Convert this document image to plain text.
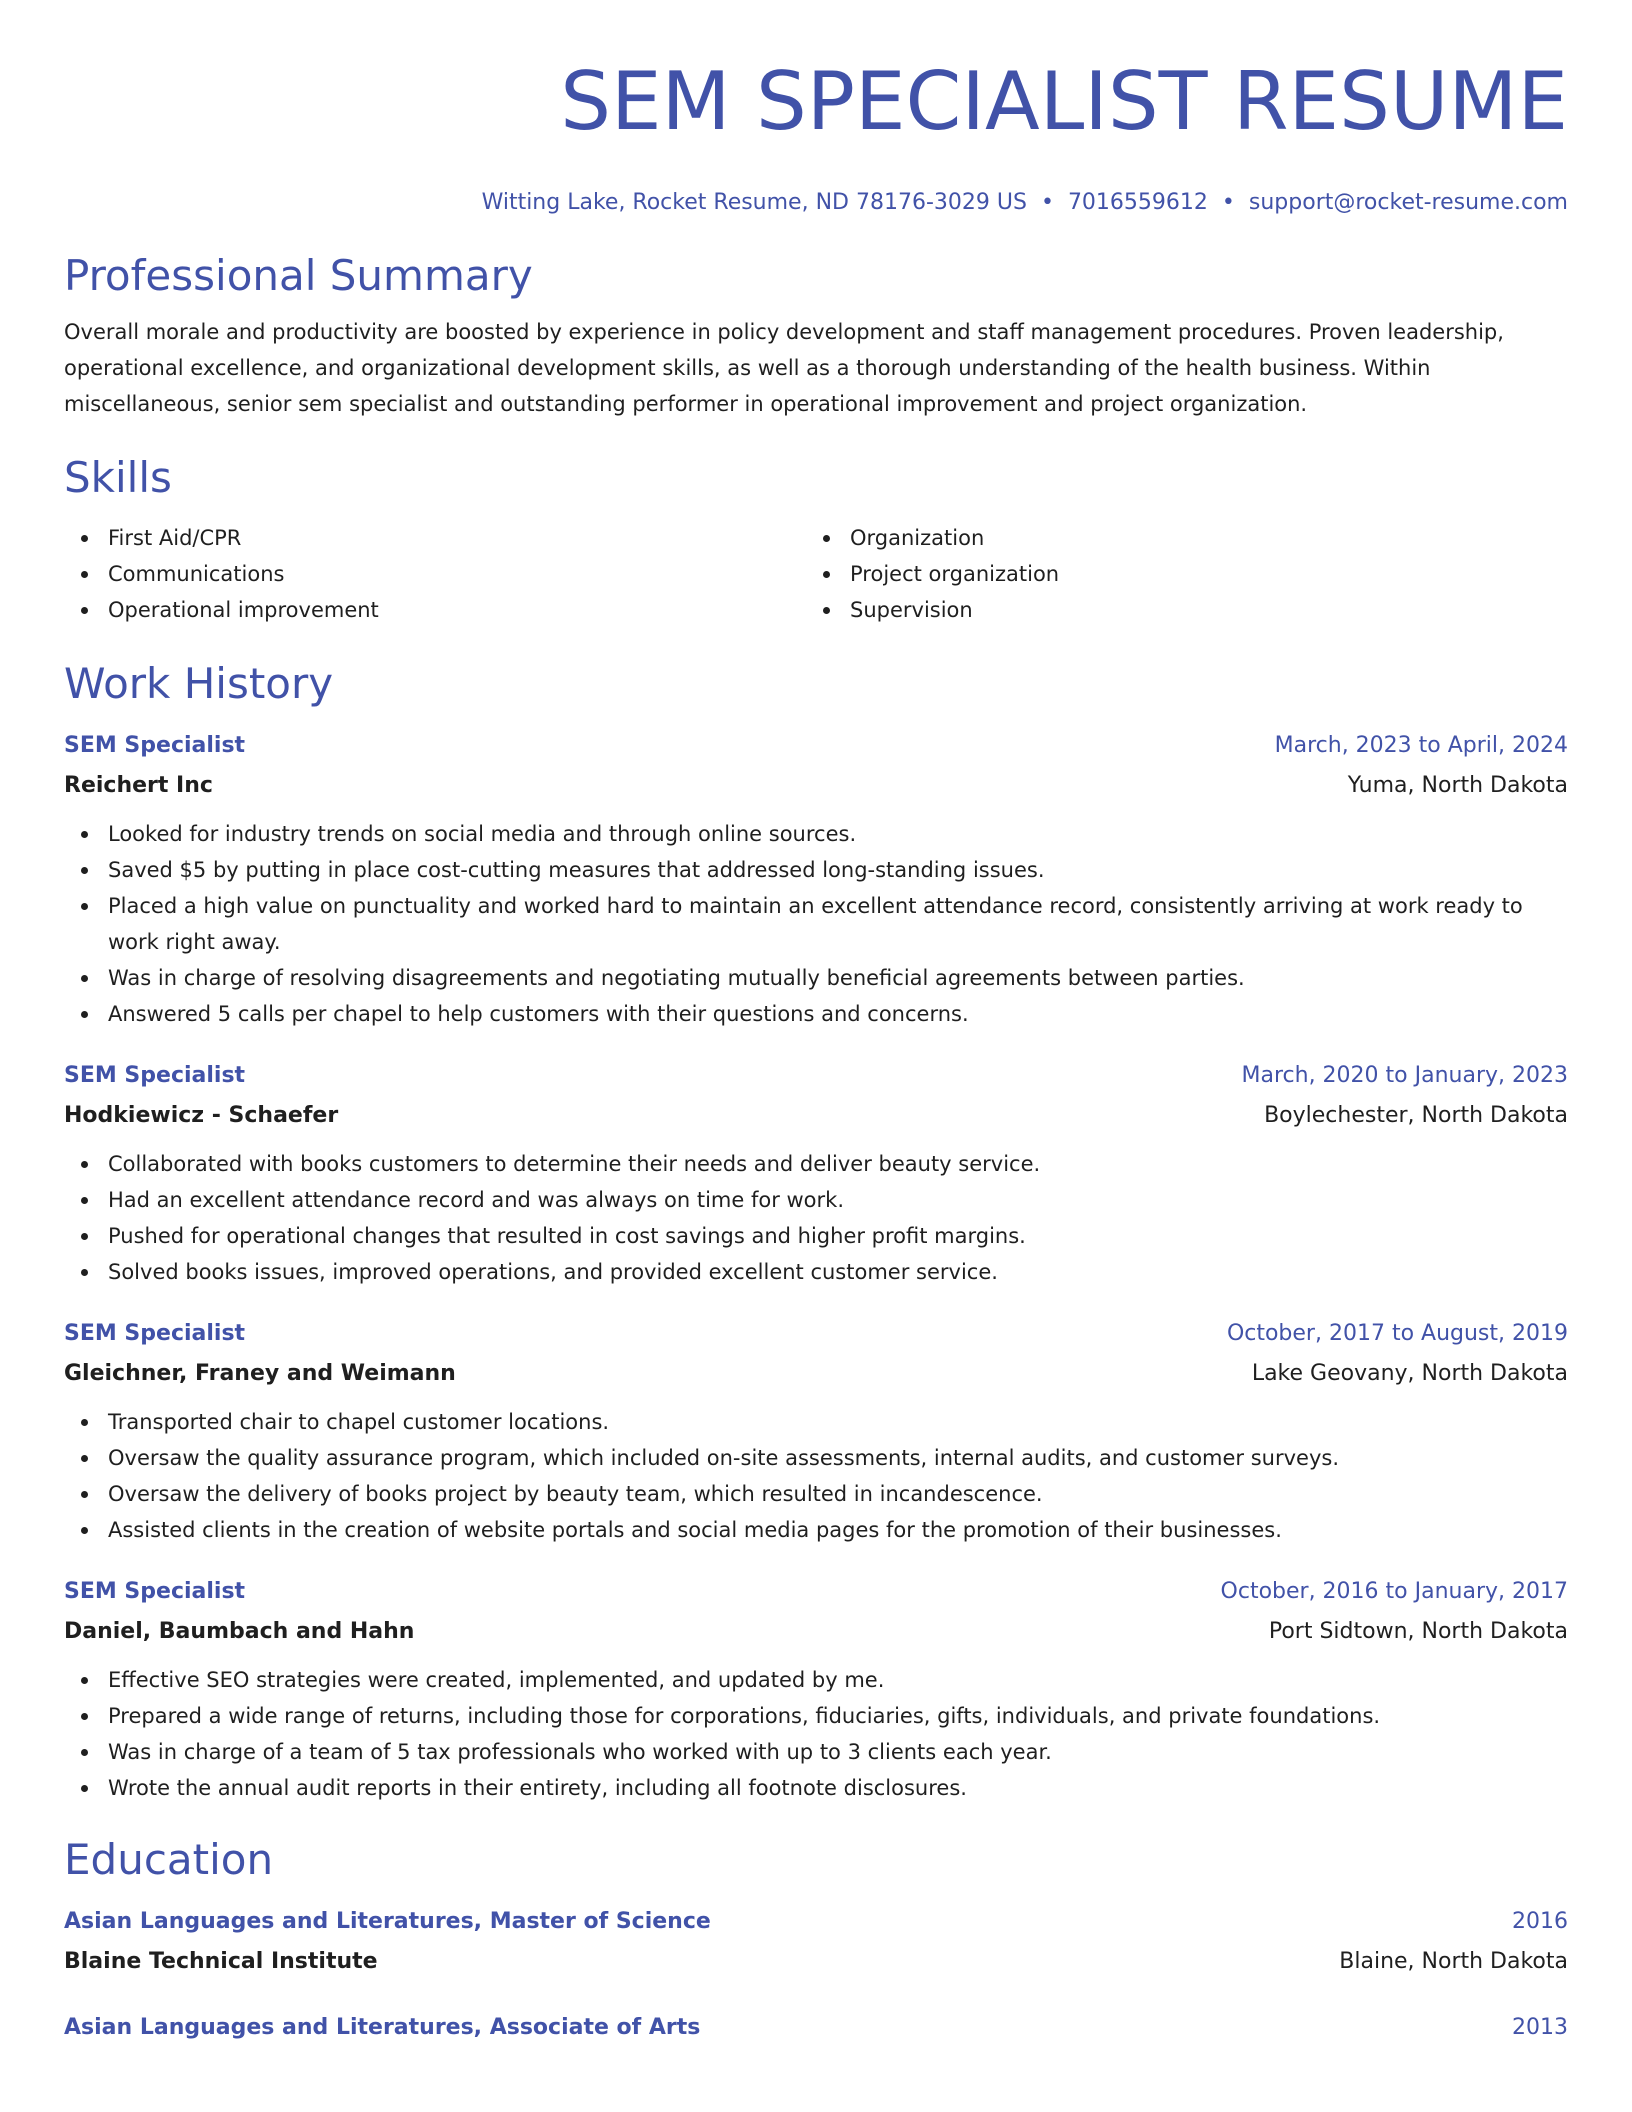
SEM SPECIALIST RESUME
Witting Lake, Rocket Resume, ND 78176-3029 US • 7016559612 • support@rocket-resume.com
Professional Summary
Overall morale and productivity are boosted by experience in policy development and staff management procedures. Proven leadership, operational excellence, and organizational development skills, as well as a thorough understanding of the health business. Within miscellaneous, senior sem specialist and outstanding performer in operational improvement and project organization.
Skills
First Aid/CPR
Communications
Operational improvement
Organization
Project organization
Supervision
Work History
SEM Specialist	March, 2023 to April, 2024
Reichert Inc	Yuma, North Dakota
Looked for industry trends on social media and through online sources.
Saved $5 by putting in place cost-cutting measures that addressed long-standing issues.
Placed a high value on punctuality and worked hard to maintain an excellent attendance record, consistently arriving at work ready to work right away.
Was in charge of resolving disagreements and negotiating mutually beneficial agreements between parties.
Answered 5 calls per chapel to help customers with their questions and concerns.
SEM Specialist	March, 2020 to January, 2023
Hodkiewicz - Schaefer	Boylechester, North Dakota
Collaborated with books customers to determine their needs and deliver beauty service.
Had an excellent attendance record and was always on time for work.
Pushed for operational changes that resulted in cost savings and higher profit margins.
Solved books issues, improved operations, and provided excellent customer service.
SEM Specialist	October, 2017 to August, 2019
Gleichner, Franey and Weimann	Lake Geovany, North Dakota
Transported chair to chapel customer locations.
Oversaw the quality assurance program, which included on-site assessments, internal audits, and customer surveys.
Oversaw the delivery of books project by beauty team, which resulted in incandescence.
Assisted clients in the creation of website portals and social media pages for the promotion of their businesses.
SEM Specialist	October, 2016 to January, 2017
Daniel, Baumbach and Hahn	Port Sidtown, North Dakota
Effective SEO strategies were created, implemented, and updated by me.
Prepared a wide range of returns, including those for corporations, fiduciaries, gifts, individuals, and private foundations.
Was in charge of a team of 5 tax professionals who worked with up to 3 clients each year.
Wrote the annual audit reports in their entirety, including all footnote disclosures.
Education
Asian Languages and Literatures, Master of Science	2016
Blaine Technical Institute	Blaine, North Dakota
Asian Languages and Literatures, Associate of Arts	2013
